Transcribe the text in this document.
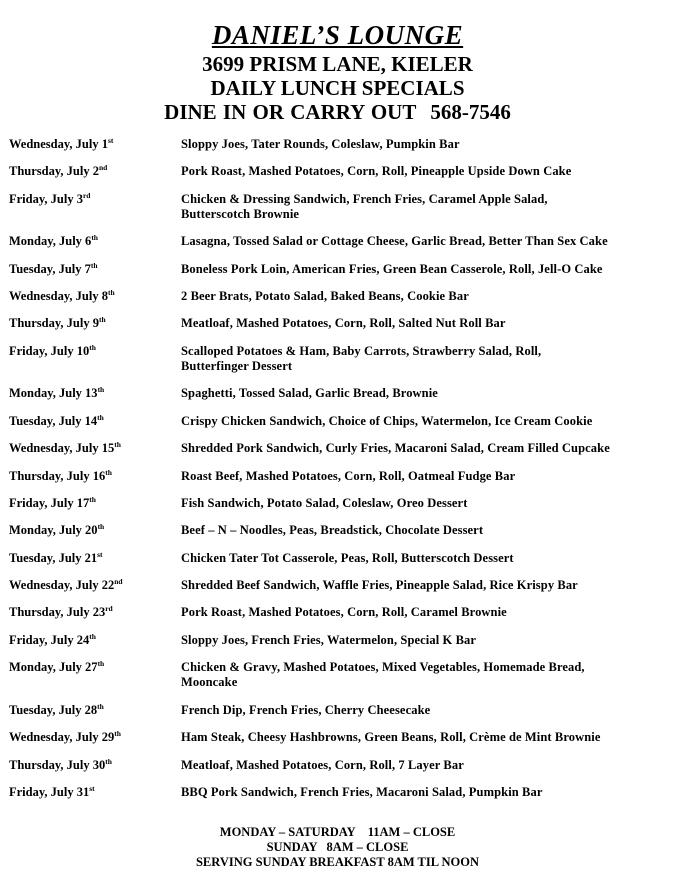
DANIEL’S LOUNGE
3699 PRISM LANE, KIELER
DAILY LUNCH SPECIALS
DINE IN OR CARRY OUT 568-7546
Wednesday, July 1st	Sloppy Joes, Tater Rounds, Coleslaw, Pumpkin Bar
Thursday, July 2nd	Pork Roast, Mashed Potatoes, Corn, Roll, Pineapple Upside Down Cake
Friday, July 3rd	Chicken & Dressing Sandwich, French Fries, Caramel Apple Salad,
Butterscotch Brownie
Monday, July 6th	Lasagna, Tossed Salad or Cottage Cheese, Garlic Bread, Better Than Sex Cake
Tuesday, July 7th	Boneless Pork Loin, American Fries, Green Bean Casserole, Roll, Jell-O Cake
Wednesday, July 8th	2 Beer Brats, Potato Salad, Baked Beans, Cookie Bar
Thursday, July 9th	Meatloaf, Mashed Potatoes, Corn, Roll, Salted Nut Roll Bar
Friday, July 10th	Scalloped Potatoes & Ham, Baby Carrots, Strawberry Salad, Roll,
Butterfinger Dessert
Monday, July 13th	Spaghetti, Tossed Salad, Garlic Bread, Brownie
Tuesday, July 14th	Crispy Chicken Sandwich, Choice of Chips, Watermelon, Ice Cream Cookie
Wednesday, July 15th	Shredded Pork Sandwich, Curly Fries, Macaroni Salad, Cream Filled Cupcake
Thursday, July 16th	Roast Beef, Mashed Potatoes, Corn, Roll, Oatmeal Fudge Bar
Friday, July 17th	Fish Sandwich, Potato Salad, Coleslaw, Oreo Dessert
Monday, July 20th	Beef – N – Noodles, Peas, Breadstick, Chocolate Dessert
Tuesday, July 21st	Chicken Tater Tot Casserole, Peas, Roll, Butterscotch Dessert
Wednesday, July 22nd	Shredded Beef Sandwich, Waffle Fries, Pineapple Salad, Rice Krispy Bar
Thursday, July 23rd	Pork Roast, Mashed Potatoes, Corn, Roll, Caramel Brownie
Friday, July 24th	Sloppy Joes, French Fries, Watermelon, Special K Bar
Monday, July 27th	Chicken & Gravy, Mashed Potatoes, Mixed Vegetables, Homemade Bread,
Mooncake
Tuesday, July 28th	French Dip, French Fries, Cherry Cheesecake
Wednesday, July 29th	Ham Steak, Cheesy Hashbrowns, Green Beans, Roll, Crème de Mint Brownie
Thursday, July 30th	Meatloaf, Mashed Potatoes, Corn, Roll, 7 Layer Bar
Friday, July 31st	BBQ Pork Sandwich, French Fries, Macaroni Salad, Pumpkin Bar
MONDAY – SATURDAY 11AM – CLOSE
SUNDAY 8AM – CLOSE
SERVING SUNDAY BREAKFAST 8AM TIL NOON
